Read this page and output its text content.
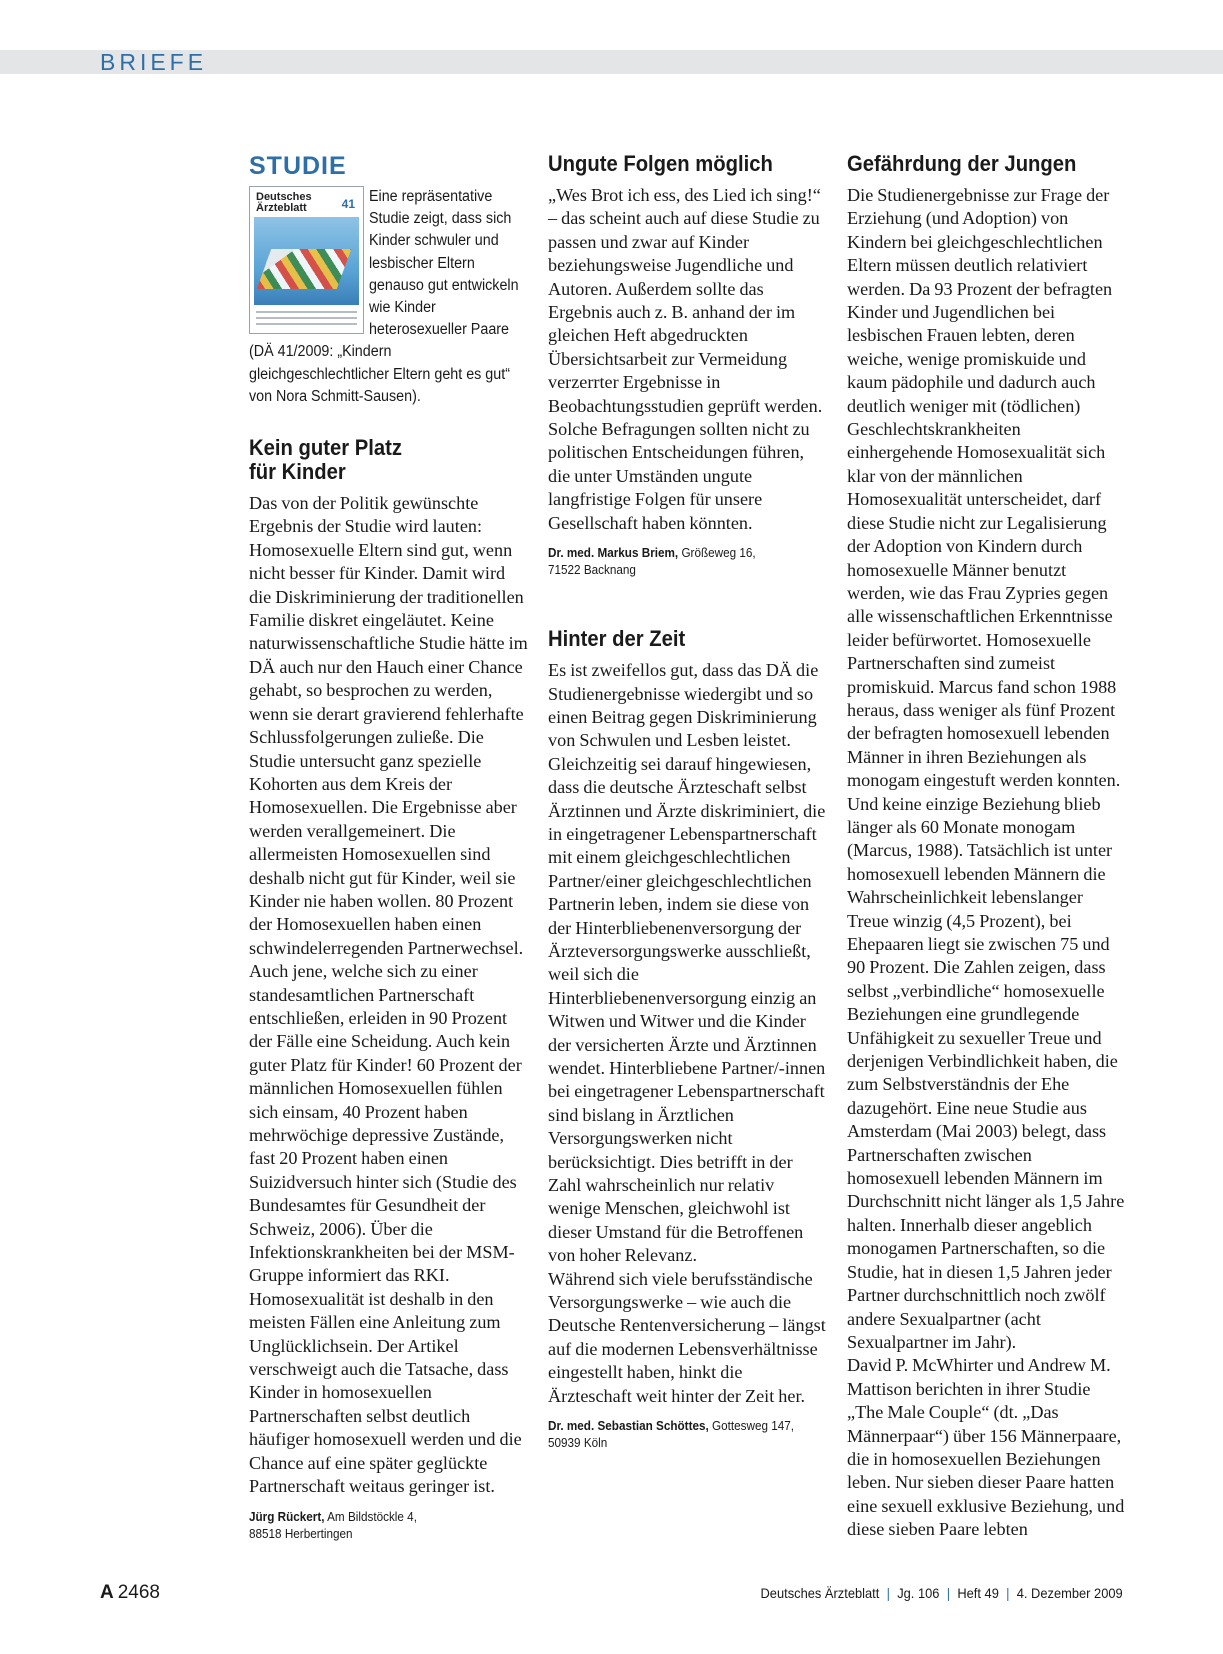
BRIEFE
STUDIE
Deutsches
Ärzteblatt	41 Eine repräsentative Studie zeigt, dass sich Kinder schwuler und lesbischer Eltern genauso gut entwickeln wie Kinder heterosexueller Paare (DÄ 41/2009: „Kindern gleichgeschlechtlicher Eltern geht es gut“ von Nora Schmitt-Sausen).

Kein guter Platz
für Kinder

Das von der Politik gewünschte Ergebnis der Studie wird lauten: Homosexuelle Eltern sind gut, wenn nicht besser für Kinder. Damit wird die Diskriminierung der traditionellen Familie diskret eingeläutet. Keine naturwissenschaftliche Studie hätte im DÄ auch nur den Hauch einer Chance gehabt, so besprochen zu werden, wenn sie derart gravierend fehlerhafte Schlussfolgerungen zuließe. Die Studie untersucht ganz spezielle Kohorten aus dem Kreis der Homosexuellen. Die Ergebnisse aber werden verallgemeinert. Die allermeisten Homosexuellen sind deshalb nicht gut für Kinder, weil sie Kinder nie haben wollen. 80 Prozent der Homosexuellen haben einen schwindelerregenden Partnerwechsel. Auch jene, welche sich zu einer standesamtlichen Partnerschaft entschließen, erleiden in 90 Prozent der Fälle eine Scheidung. Auch kein guter Platz für Kinder! 60 Prozent der männlichen Homosexuellen fühlen sich einsam, 40 Prozent haben mehrwöchige depressive Zustände, fast 20 Prozent haben einen Suizidversuch hinter sich (Studie des Bundesamtes für Gesundheit der Schweiz, 2006). Über die Infektionskrankheiten bei der MSM-Gruppe informiert das RKI. Homosexualität ist deshalb in den meisten Fällen eine Anleitung zum Unglücklichsein. Der Artikel verschweigt auch die Tatsache, dass Kinder in homosexuellen Partnerschaften selbst deutlich häufiger homosexuell werden und die Chance auf eine später geglückte Partnerschaft weitaus geringer ist.

Jürg Rückert, Am Bildstöckle 4,
88518 Herbertingen

Ungute Folgen möglich

„Wes Brot ich ess, des Lied ich sing!“ – das scheint auch auf diese Studie zu passen und zwar auf Kinder beziehungsweise Jugendliche und Autoren. Außerdem sollte das Ergebnis auch z. B. anhand der im gleichen Heft abgedruckten Übersichtsarbeit zur Vermeidung verzerrter Ergebnisse in Beobachtungsstudien geprüft werden. Solche Befragungen sollten nicht zu politischen Entscheidungen führen, die unter Umständen ungute langfristige Folgen für unsere Gesellschaft haben könnten.

Dr. med. Markus Briem, Größeweg 16,
71522 Backnang

Hinter der Zeit

Es ist zweifellos gut, dass das DÄ die Studienergebnisse wiedergibt und so einen Beitrag gegen Diskriminierung von Schwulen und Lesben leistet.

Gleichzeitig sei darauf hingewiesen, dass die deutsche Ärzteschaft selbst Ärztinnen und Ärzte diskriminiert, die in eingetragener Lebenspartnerschaft mit einem gleichgeschlechtlichen Partner/einer gleichgeschlechtlichen Partnerin leben, indem sie diese von der Hinterbliebenenversorgung der Ärzteversorgungswerke ausschließt, weil sich die Hinterbliebenenversorgung einzig an Witwen und Witwer und die Kinder der versicherten Ärzte und Ärztinnen wendet. Hinterbliebene Partner/-innen bei eingetragener Lebenspartnerschaft sind bislang in Ärztlichen Versorgungswerken nicht berücksichtigt. Dies betrifft in der Zahl wahrscheinlich nur relativ wenige Menschen, gleichwohl ist dieser Umstand für die Betroffenen von hoher Relevanz.

Während sich viele berufsständische Versorgungswerke – wie auch die Deutsche Rentenversicherung – längst auf die modernen Lebensverhältnisse eingestellt haben, hinkt die Ärzteschaft weit hinter der Zeit her.

Dr. med. Sebastian Schöttes, Gottesweg 147,
50939 Köln

Gefährdung der Jungen

Die Studienergebnisse zur Frage der Erziehung (und Adoption) von Kindern bei gleichgeschlechtlichen Eltern müssen deutlich relativiert werden. Da 93 Prozent der befragten Kinder und Jugendlichen bei lesbischen Frauen lebten, deren weiche, wenige promiskuide und kaum pädophile und dadurch auch deutlich weniger mit (tödlichen) Geschlechtskrankheiten einhergehende Homosexualität sich klar von der männlichen Homosexualität unterscheidet, darf diese Studie nicht zur Legalisierung der Adoption von Kindern durch homosexuelle Männer benutzt werden, wie das Frau Zypries gegen alle wissenschaftlichen Erkenntnisse leider befürwortet. Homosexuelle Partnerschaften sind zumeist promiskuid. Marcus fand schon 1988 heraus, dass weniger als fünf Prozent der befragten homosexuell lebenden Männer in ihren Beziehungen als monogam eingestuft werden konnten. Und keine einzige Beziehung blieb länger als 60 Monate monogam (Marcus, 1988). Tatsächlich ist unter homosexuell lebenden Männern die Wahrscheinlichkeit lebenslanger Treue winzig (4,5 Prozent), bei Ehepaaren liegt sie zwischen 75 und 90 Prozent. Die Zahlen zeigen, dass selbst „verbindliche“ homosexuelle Beziehungen eine grundlegende Unfähigkeit zu sexueller Treue und derjenigen Verbindlichkeit haben, die zum Selbstverständnis der Ehe dazugehört. Eine neue Studie aus Amsterdam (Mai 2003) belegt, dass Partnerschaften zwischen homosexuell lebenden Männern im Durchschnitt nicht länger als 1,5 Jahre halten. Innerhalb dieser angeblich monogamen Partnerschaften, so die Studie, hat in diesen 1,5 Jahren jeder Partner durchschnittlich noch zwölf andere Sexualpartner (acht Sexualpartner im Jahr).

David P. McWhirter und Andrew M. Mattison berichten in ihrer Studie „The Male Couple“ (dt. „Das Männerpaar“) über 156 Männerpaare, die in homosexuellen Beziehungen leben. Nur sieben dieser Paare hatten eine sexuell exklusive Beziehung, und diese sieben Paare lebten

A 2468	Deutsches Ärzteblatt | Jg. 106 | Heft 49 | 4. Dezember 2009
